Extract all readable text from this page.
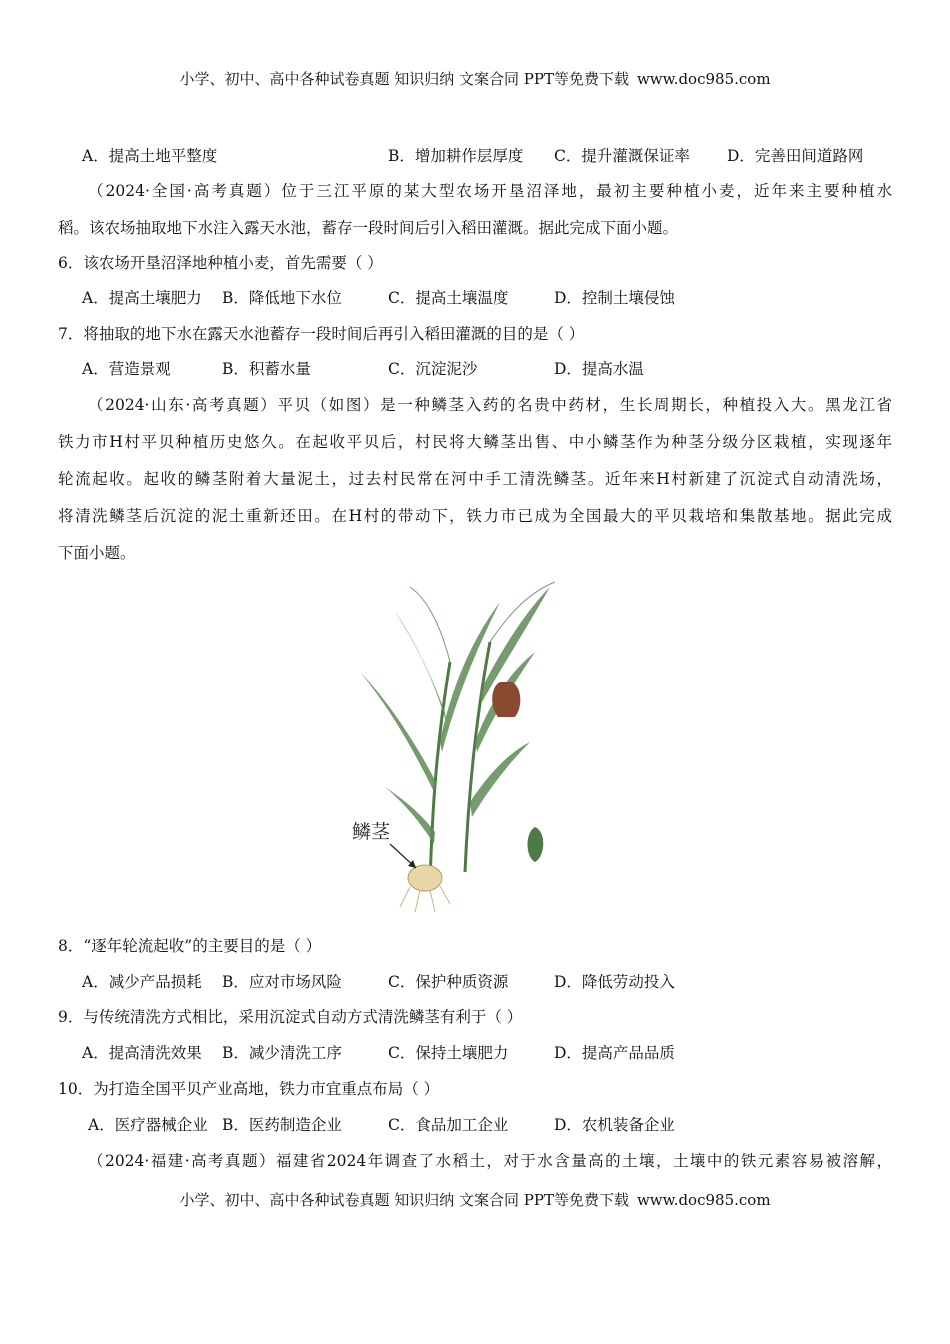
小学、初中、高中各种试卷真题 知识归纳 文案合同 PPT等免费下载 www.doc985.com
A．提高土地平整度	B．增加耕作层厚度 C．提升灌溉保证率 D．完善田间道路网
（2024·全国·高考真题）位于三江平原的某大型农场开垦沼泽地，最初主要种植小麦，近年来主要种植水
稻。该农场抽取地下水注入露天水池，蓄存一段时间后引入稻田灌溉。据此完成下面小题。
6．该农场开垦沼泽地种植小麦，首先需要（ ）
A．提高土壤肥力 B．降低地下水位	C．提高土壤温度	D．控制土壤侵蚀
7．将抽取的地下水在露天水池蓄存一段时间后再引入稻田灌溉的目的是（ ）
A．营造景观	B．积蓄水量	C．沉淀泥沙	D．提高水温
（2024·山东·高考真题）平贝（如图）是一种鳞茎入药的名贵中药材，生长周期长，种植投入大。黑龙江省
铁力市H村平贝种植历史悠久。在起收平贝后，村民将大鳞茎出售、中小鳞茎作为种茎分级分区栽植，实现逐年
轮流起收。起收的鳞茎附着大量泥土，过去村民常在河中手工清洗鳞茎。近年来H村新建了沉淀式自动清洗场，
将清洗鳞茎后沉淀的泥土重新还田。在H村的带动下，铁力市已成为全国最大的平贝栽培和集散基地。据此完成
下面小题。
鳞茎
8．“逐年轮流起收”的主要目的是（ ）
A．减少产品损耗 B．应对市场风险	C．保护种质资源	D．降低劳动投入
9．与传统清洗方式相比，采用沉淀式自动方式清洗鳞茎有利于（ ）
A．提高清洗效果 B．减少清洗工序	C．保持土壤肥力	D．提高产品品质
10．为打造全国平贝产业高地，铁力市宜重点布局（ ）
A．医疗器械企业 B．医药制造企业	C．食品加工企业	D．农机装备企业
（2024·福建·高考真题）福建省2024年调查了水稻土，对于水含量高的土壤，土壤中的铁元素容易被溶解，
小学、初中、高中各种试卷真题 知识归纳 文案合同 PPT等免费下载 www.doc985.com
